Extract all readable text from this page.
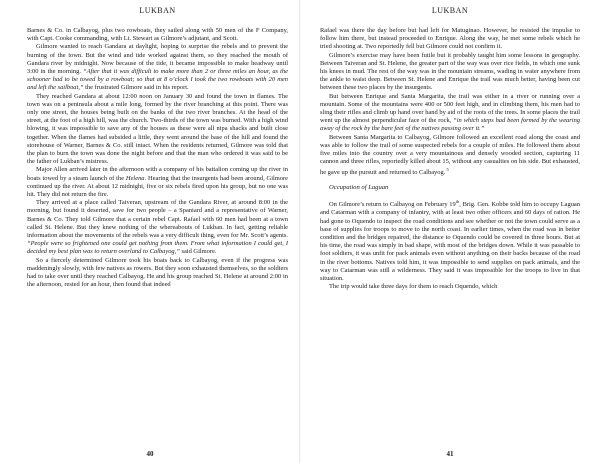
LUKBAN

Barnes & Co. in Calbayog, plus two rowboats, they sailed along with 50 men of the F Company, with Capt. Cooke commanding, with Lt. Stewart as Gilmore’s adjutant, and Scott.

Gilmore wanted to reach Gandara at daylight, hoping to surprise the rebels and to prevent the burning of the town. But the wind and tide worked against them, so they reached the mouth of Gandara river by midnight. Now because of the tide, it became impossible to make headway until 3:00 in the morning. “After that it was difficult to make more than 2 or three miles an hour, as the schooner had to be towed by a rowboat; so that at 8 o’clock I took the two rowboats with 20 men and left the sailboat,” the frustrated Gilmore said in his report.

They reached Gandara at about 12:00 noon on January 30 and found the town in flames. The town was on a peninsula about a mile long, formed by the river branching at this point. There was only one street, the houses being built on the banks of the two river branches. At the head of the street, at the foot of a high hill, was the church. Two-thirds of the town was burned. With a high wind blowing, it was impossible to save any of the houses as these were all nipa shacks and built close together. When the flames had subsided a little, they went around the base of the hill and found the storehouse of Warner, Barnes & Co. still intact. When the residents returned, Gilmore was told that the plan to burn the town was done the night before and that the man who ordered it was said to be the father of Lukban’s mistress.

Major Allen arrived later in the afternoon with a company of his battalion coming up the river in boats towed by a steam launch of the Helena. Hearing that the insurgents had been around, Gilmore continued up the river. At about 12 midnight, five or six rebels fired upon his group, but no one was hit. They did not return the fire.

They arrived at a place called Taiveran, upstream of the Gandara River, at around 8:00 in the morning, but found it deserted, save for two people – a Spaniard and a representative of Warner, Barnes & Co. They told Gilmore that a certain rebel Capt. Rafael with 60 men had been at a town called St. Helene. But they knew nothing of the whereabouts of Lukban. In fact, getting reliable information about the movements of the rebels was a very difficult thing, even for Mr. Scott’s agents. “People were so frightened one could get nothing from them. From what information I could get, I decided my best plan was to return overland to Calbayog,” said Gilmore.

So a fiercely determined Gilmore took his boats back to Calbayog, even if the progress was maddeningly slowly, with few natives as rowers. But they soon exhausted themselves, so the soldiers had to take over until they reached Calbayog. He and his group reached St. Helene at around 2:00 in the afternoon, rested for an hour, then found that indeed

40
LUKBAN

Rafael was there the day before but had left for Matuginao. However, he resisted the impulse to follow him there, but instead proceeded to Enrique. Along the way, he met some rebels which he tried shooting at. Two reportedly fell but Gilmore could not confirm it.

Gilmore’s exercise may have been futile but it probably taught him some lessons in geography. Between Taiveran and St. Helene, the greater part of the way was over rice fields, in which one sunk his knees in mud. The rest of the way was in the mountain streams, wading in water anywhere from the ankle to waist deep. Between St. Helene and Enrique the trail was much better, having been cut between these two places by the insurgents.

But between Enrique and Santa Margarita, the trail was either in a river or running over a mountain. Some of the mountains were 400 or 500 feet high, and in climbing them, his men had to sling their rifles and climb up hand over hand by aid of the roots of the trees. In some places the trail went up the almost perpendicular face of the rock, “in which steps had been formed by the wearing away of the rock by the bare feet of the natives passing over it.”

Between Santa Margarita to Calbayog, Gilmore followed an excellent road along the coast and was able to follow the trail of some suspected rebels for a couple of miles. He followed them about five miles into the country over a very mountainous and densely wooded section, capturing 11 cannon and three rifles, reportedly killed about 15, without any casualties on his side. But exhausted, he gave up the pursuit and returned to Calbayog. $^5$

Occupation of Laguan

On Gilmore’s return to Calbayog on February 19th, Brig. Gen. Kobbe told him to occupy Laguan and Catarman with a company of infantry, with at least two other officers and 60 days of ration. He had gone to Oquendo to inspect the road conditions and see whether or not the town could serve as a base of supplies for troops to move to the north coast. In earlier times, when the road was in better condition and the bridges repaired, the distance to Oquendo could be covered in three hours. But at his time, the road was simply in bad shape, with most of the bridges down. While it was passable to foot soldiers, it was unfit for pack animals even without anything on their backs because of the road in the river bottoms. Natives told him, it was impossible to send supplies on pack animals, and the way to Catarman was still a wilderness. They said it was impossible for the troops to live in that situation.

The trip would take three days for them to reach Oquendo, which

41
